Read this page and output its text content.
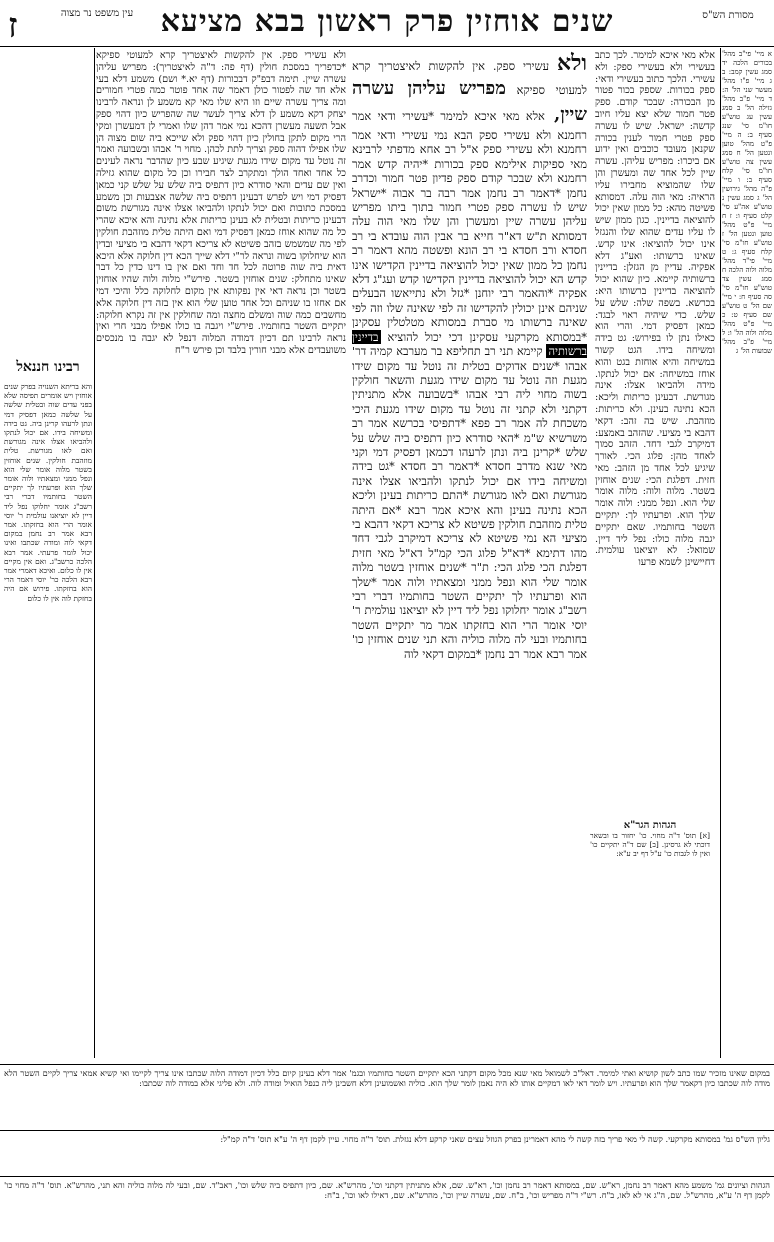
ז	עין משפט נר מצוה שנים אוחזין פרק ראשון בבא מציעא	מסורת הש"ס

רבינו חננאל

והא בריתא השנויה בפרק שנים אוחזין ויש אומרים תפיסה שלא בפני עדים שוה ובטלית שלשה על שלשה כמאן דפסיק דמי ונתן לרעהו קרינן ביה. גט בידה ומשיחה בידו. אם יכול לנתקו ולהביאו אצלו אינה מגורשת ואם לאו מגורשת. טלית מוזהבת חולקין. שנים אוחזין בשטר מלוה אומר שלי הוא ונפל ממני ומצאתיו ולוה אומר שלך הוא ופרעתיו לך יתקיים השטר בחותמיו דברי רבי רשב"ג אומר יחלוקו נפל ליד דיין לא יוציאנו עולמית ר' יוסי אומר הרי הוא בחזקתו. אמר רבא אמר רב נחמן במקום דקאי לוה ומודה שכתבו ואינו יכול לומר פרעתי. אמר רבא הלכה כרשב"ג. ואם אין מקיים אין לו כלום. ואיכא דאמרי אמר רבא הלכה כר' יוסי דאמר הרי הוא בחזקתו. פירוש אם היה בחזקת לוה אין לו כלום

ולא עשירי ספק. אין להקשות לאיצטריך קרא למעוטי ספיקא *כדפריך במסכת חולין (דף פה: ד"ה לאיצטריך): מפריש עליהן עשרה שיין. תימה דבפ"ק דבכורות (דף יא.* ושם) משמע דלא בעי אלא חד שה לפטור כולן דאמר שה אחד פוטר כמה פטרי חמורים ומה צריך עשרה שיים וזו היא שלו מאי קא משמע לן ונראה לרבינו יצחק דקא משמע לן דלא צריך לעשר שה שהפריש כיון דהוי ספק אבל תשעה מעשרן דהכא נמי אמר דהן שלו ואמרי לן דמעשרן ומקי הרי מקום לתקן בחולין כיון דהוי ספק ולא שייכא ביה שום מצוה הן שלו אפילו דהוה ספק וצריך לתת לכהן. מחוי ר' אבהו ובשבועה ואמר זה נוטל עד מקום שידו מגעת שיגיע שבע כיון שהדבר נראה לעינים כל אחד ואחד הולך ומתקרב לצד חבירו וכן כל מקום שהוא גזילה ואין שם עדים והאי סודרא כיון דתפיס ביה שלש על שלש קני כמאן דפסיק דמי ויש לפרש דבעינן דתפיס ביה שלשה אצבעות וכן משמע במסכת כתובות ואם יכול לנתקו ולהביאו אצלו אינה מגורשת משום דבעינן כריתות ובטלית לא בעינן כריתות אלא נתינה והא איכא שהרי כל מה שהוא אוחז כמאן דפסיק דמי ואם היתה טלית מוזהבת חולקין לפי מה שמשמש בזהב פשיטא לא צריכא דקאי דהבא בי מציעי ובדין הוא שיחלוקו בשוה ונראה לר"י דלא שייך הכא דין חלוקה אלא היכא דאית ביה שוה פרוטה לכל חד וחד ואם אין בו דינו כדין כל דבר שאינו מתחלק: שנים אוחזין בשטר. פירש"י מלוה ולוה שהיו אוחזין בשטר וכן נראה דאי אין נפקותא אין מקום לחלוקה כלל והיכי דמי אם אחזו בו שניהם וכל אחד טוען שלי הוא אין בזה דין חלוקה אלא מחשבים כמה שוה ומשלם מחצה ומה שחולקין אין זה נקרא חלוקה: יתקיים השטר בחותמיו. פירש"י ויגבה בו כולו אפילו מבני חרי ואין נראה לרבינו תם דכיון דמודה המלוה דנפל לא יגבה בו מנכסים משועבדים אלא מבני חורין בלבד וכן פירש ר"ח

ולא עשירי ספק. אין להקשות לאיצטריך קרא למעוטי ספיקא מפריש עליהן עשרה שיין, אלא מאי איכא למימר *עשירי ודאי אמר רחמנא ולא עשירי ספק הבא נמי עשירי ודאי אמר רחמנא ולא עשירי ספק א"ל רב אחא מדפתי לרבינא מאי ספיקות אילימא ספק בכורות *יהיה קדש אמר רחמנא ולא שבכר קודם ספק פדיון פטר חמור וכדרב נחמן *דאמר רב נחמן אמר רבה בר אבוה *ישראל שיש לו עשרה ספק פטרי חמור בתוך ביתו מפריש עליהן עשרה שיין ומעשרן והן שלו מאי הוה עלה דמסותא ת"ש דא"ר חייא בר אבין הוה עובדא בי רב חסדא ורב חסדא בי רב הונא ופשטה מהא דאמר רב נחמן כל ממון שאין יכול להוציאה בדיינין הקדישו אינו קדש הא יכול להוציאה בדיינין הקדישו קדש ועג"ג דלא אפקיה *והאמר רבי יוחנן *גזל ולא נתייאשו הבעלים שניהם אינן יכולין להקדישו זה לפי שאינה שלו וזה לפי שאינה ברשותו מי סברת במסותא מטלטלין עסקינן *במסותא מקרקעי עסקינן דכי יכול להוציא בדיינין ברשותיה קיימא תני רב תחליפא בר מערבא קמיה דר' אבהו *שנים אדוקים בטלית זה נוטל עד מקום שידו מגעת וזה נוטל עד מקום שידו מגעת והשאר חולקין בשוה מחוי ליה רבי אבהו *בשבועה אלא מתניתין דקתני ולא קתני זה נוטל עד מקום שידו מגעת היכי משכחת לה אמר רב פפא *דתפיסי בכרשא אמר רב משרשיא ש"מ *האי סודרא כיון דתפיס ביה שלש על שלש *קרינן ביה ונתן לרעהו דכמאן דפסיק דמי וקני מאי שנא מדרב חסדא *דאמר רב חסדא *גט בידה ומשיחה בידו אם יכול לנתקו ולהביאו אצלו אינה מגורשת ואם לאו מגורשת *התם כריתות בעינן וליכא הכא נתינה בעינן והא איכא אמר רבא *אם היתה טלית מוזהבת חולקין פשיטא לא צריכא דקאי דהבא בי מציעי הא נמי פשיטא לא צריכא דמיקרב לגבי דחד מהו דתימא *דא"ל פלוג הכי קמ"ל דא"ל מאי חזית דפלגת הכי פלוג הכי: ת"ר *שנים אוחזין בשטר מלוה אומר שלי הוא ונפל ממני ומצאתיו ולוה אמר *שלך הוא ופרעתיו לך יתקיים השטר בחותמיו דברי רבי רשב"ג אומר יחלוקו נפל ליד דיין לא יוציאנו עולמית ר' יוסי אומר הרי הוא בחזקתו אמר מר יתקיים השטר בחותמיו ובעי לה מלוה כוליה והא תני שנים אוחזין כו' אמר רבא אמר רב נחמן *במקום דקאי לוה

אלא מאי איכא למימר. לכך כתב בעשירי ולא בעשירי ספק: ולא עשירי. הלכך כתוב בעשירי ודאי: ספק בכורות. שספק בכור פטור מן הבכורה: שבכר קודם. ספק פטר חמור שלא יצא עליו חיוב קדשה: ישראל. שיש לו עשרה ספק פטרי חמור לענין בכורה שקנאן מעובד כוכבים ואין ידוע אם ביכרו: מפריש עליהן. עשרה שיין לכל אחד שה ומעשרן והן שלו שהמוציא מחבירו עליו הראיה: מאי הוה עלה. דמסותא פשיטה מהא: כל ממון שאין יכול להוציאה בדיינין. כגון ממון שיש לו עליו עדים שהוא שלו והנגזל אינו יכול להוציאו: אינו קדש. שאינו ברשותו: ואע"ג דלא אפקיה. עדיין מן הגזלן: בדיינין ברשותיה קיימא. כיון שהוא יכול להוציאה בדיינין ברשותו היא: בכרשא. בשפה שלה: שלש על שלש. כדי שיהיה ראוי לבגד: כמאן דפסיק דמי. והרי הוא כאילו נתן לו בפירוש: גט בידה ומשיחה בידו. הגט קשור במשיחה והיא אוחזת בגט והוא אוחז במשיחה: אם יכול לנתקו. מידה ולהביאו אצלו: אינה מגורשת. דבעינן כריתות וליכא: הכא נתינה בעינן. ולא כריתות: מוזהבת. שיש בה זהב: דקאי דהבא בי מציעי. שהזהב באמצע: דמיקרב לגבי דחד. הזהב סמוך לאחד מהן: פלוג הכי. לאורך שיגיע לכל אחד מן הזהב: מאי חזית. דפלגת הכי: שנים אוחזין בשטר. מלוה ולוה: מלוה אומר שלי הוא. ונפל ממני: ולוה אומר שלך הוא. ופרעתיו לך: יתקיים השטר בחותמיו. שאם יתקיים יגבה מלוה כולו: נפל ליד דיין. שמואל: לא יוציאנו עולמית. דחיישינן לשמא פרעו

א מיי' פי"ב מהל' בכורים הלכה יד סמג עשין קמב: ב ג מיי' פ"ו מהל' מעשר שני הל' ה: ד מיי' פ"ב מהל' גזילה הל' ב סמג עשין עג טוש"ע חו"מ סי' שנג סעיף ב: ה מיי' פ"ט מהל' טוען ונטען הל' ח סמג עשין צה טוש"ע חו"מ סי' קלח סעיף ב: ו מיי' פ"ה מהל' גירושין הל' ג סמג עשין נ טוש"ע אה"ע סי' קלט סעיף ו: ז ח מיי' פ"ט מהל' טוען ונטען הל' ז טוש"ע חו"מ סי' קלח סעיף ג: ט מיי' פי"ד מהל' מלוה ולוה הלכה ח סמג עשין צד טוש"ע חו"מ סי' סה סעיף ח: י מיי' שם הל' ט טוש"ע שם סעיף ט: כ מיי' פ"ט מהל' מלוה ולוה הל' ו: ל מיי' פ"ב מהל' שבועות הל' ג

הגהות הגר"א
[א] תוס' ד"ה מחוי. כו' יחזור בו ובשאר דוכתי לא גרסינן. [ב] שם ד"ה יתקיים כו' ואין לו לגבות כו' ע"ל דף יב ע"א:
במקום שאינו מזכיר שמו כתב לשון קושיא ואתי למימר. דאל"כ לשמואל מאי שנא מכל מקום דקתני הכא יתקיים השטר בחותמיו ובגמ' אמר דלא בעינן קיום כלל דכיון דמודה הלוה שכתבו אינו צריך לקיימו ואי קשיא אמאי צריך לקיים השטר הלא מודה לוה שכתבו כיון דקאמר שלך הוא ופרעתיו. ויש לומר דאי לאו דמקיים אותו לא היה נאמן לומר שלך הוא. כוליה ואשמועינן דלא חשבינן ליה כנפל הואיל ומודה לוה. ולא פליגי אלא במודה לוה שכתבו:
גליון הש"ס גמ' במסותא מקרקעי. קשה לי מאי פריך בזה קשה לי מהא דאמרינן בפרק הגוזל עצים שאני קרקע דלא נגזלת. תוס' ד"ה מחוי. עיין לקמן דף ה' ע"א תוס' ד"ה קמ"ל:
הגהות וציונים גמ' משמע מהא דאמר רב נחמן, רא"ש. שם, במסותא דאמר רב נחמן וכו', רא"ש. שם, אלא מתניתין דקתני וכו', מהרש"א. שם, כיון דתפיס ביה שלש וכו', ראב"ד. שם, ובעי לה מלוה כוליה והא תני, מהרש"א. תוס' ד"ה מחוי כו' לקמן דף ה' ע"א, מהרש"ל. שם, ה"ג אי לא לאו, ב"ח. רש"י ד"ה מפריש וכו', ב"ח. שם, עשרה שיין וכו', מהרש"א. שם, דאילו לאו וכו', ב"ח:
